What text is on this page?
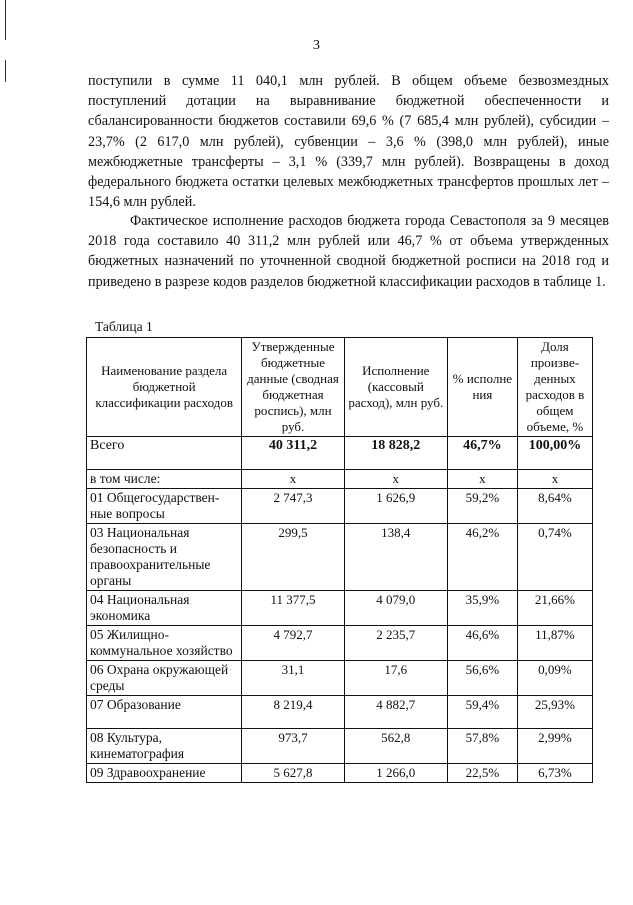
3
поступили в сумме 11 040,1 млн рублей. В общем объеме безвозмездных поступлений дотации на выравнивание бюджетной обеспеченности и сбалансированности бюджетов составили 69,6 % (7 685,4 млн рублей), субсидии – 23,7% (2 617,0 млн рублей), субвенции – 3,6 % (398,0 млн рублей), иные межбюджетные трансферты – 3,1 % (339,7 млн рублей). Возвращены в доход федерального бюджета остатки целевых межбюджетных трансфертов прошлых лет – 154,6 млн рублей.
Фактическое исполнение расходов бюджета города Севастополя за 9 месяцев 2018 года составило 40 311,2 млн рублей или 46,7 % от объема утвержденных бюджетных назначений по уточненной сводной бюджетной росписи на 2018 год и приведено в разрезе кодов разделов бюджетной классификации расходов в таблице 1.
Таблица 1
Наименование раздела бюджетной классификации расходов	Утвержденные бюджетные данные (сводная бюджетная роспись), млн руб.	Исполнение (кассовый расход), млн руб.	% исполне ния	Доля произве- денных расходов в общем объеме, %
Всего	40 311,2	18 828,2	46,7%	100,00%
в том числе:	x	x	x	x
01 Общегосударствен- ные вопросы	2 747,3	1 626,9	59,2%	8,64%
03 Национальная безопасность и правоохранительные органы	299,5	138,4	46,2%	0,74%
04 Национальная экономика	11 377,5	4 079,0	35,9%	21,66%
05 Жилищно- коммунальное хозяйство	4 792,7	2 235,7	46,6%	11,87%
06 Охрана окружающей среды	31,1	17,6	56,6%	0,09%
07 Образование	8 219,4	4 882,7	59,4%	25,93%
08 Культура, кинематография	973,7	562,8	57,8%	2,99%
09 Здравоохранение	5 627,8	1 266,0	22,5%	6,73%
